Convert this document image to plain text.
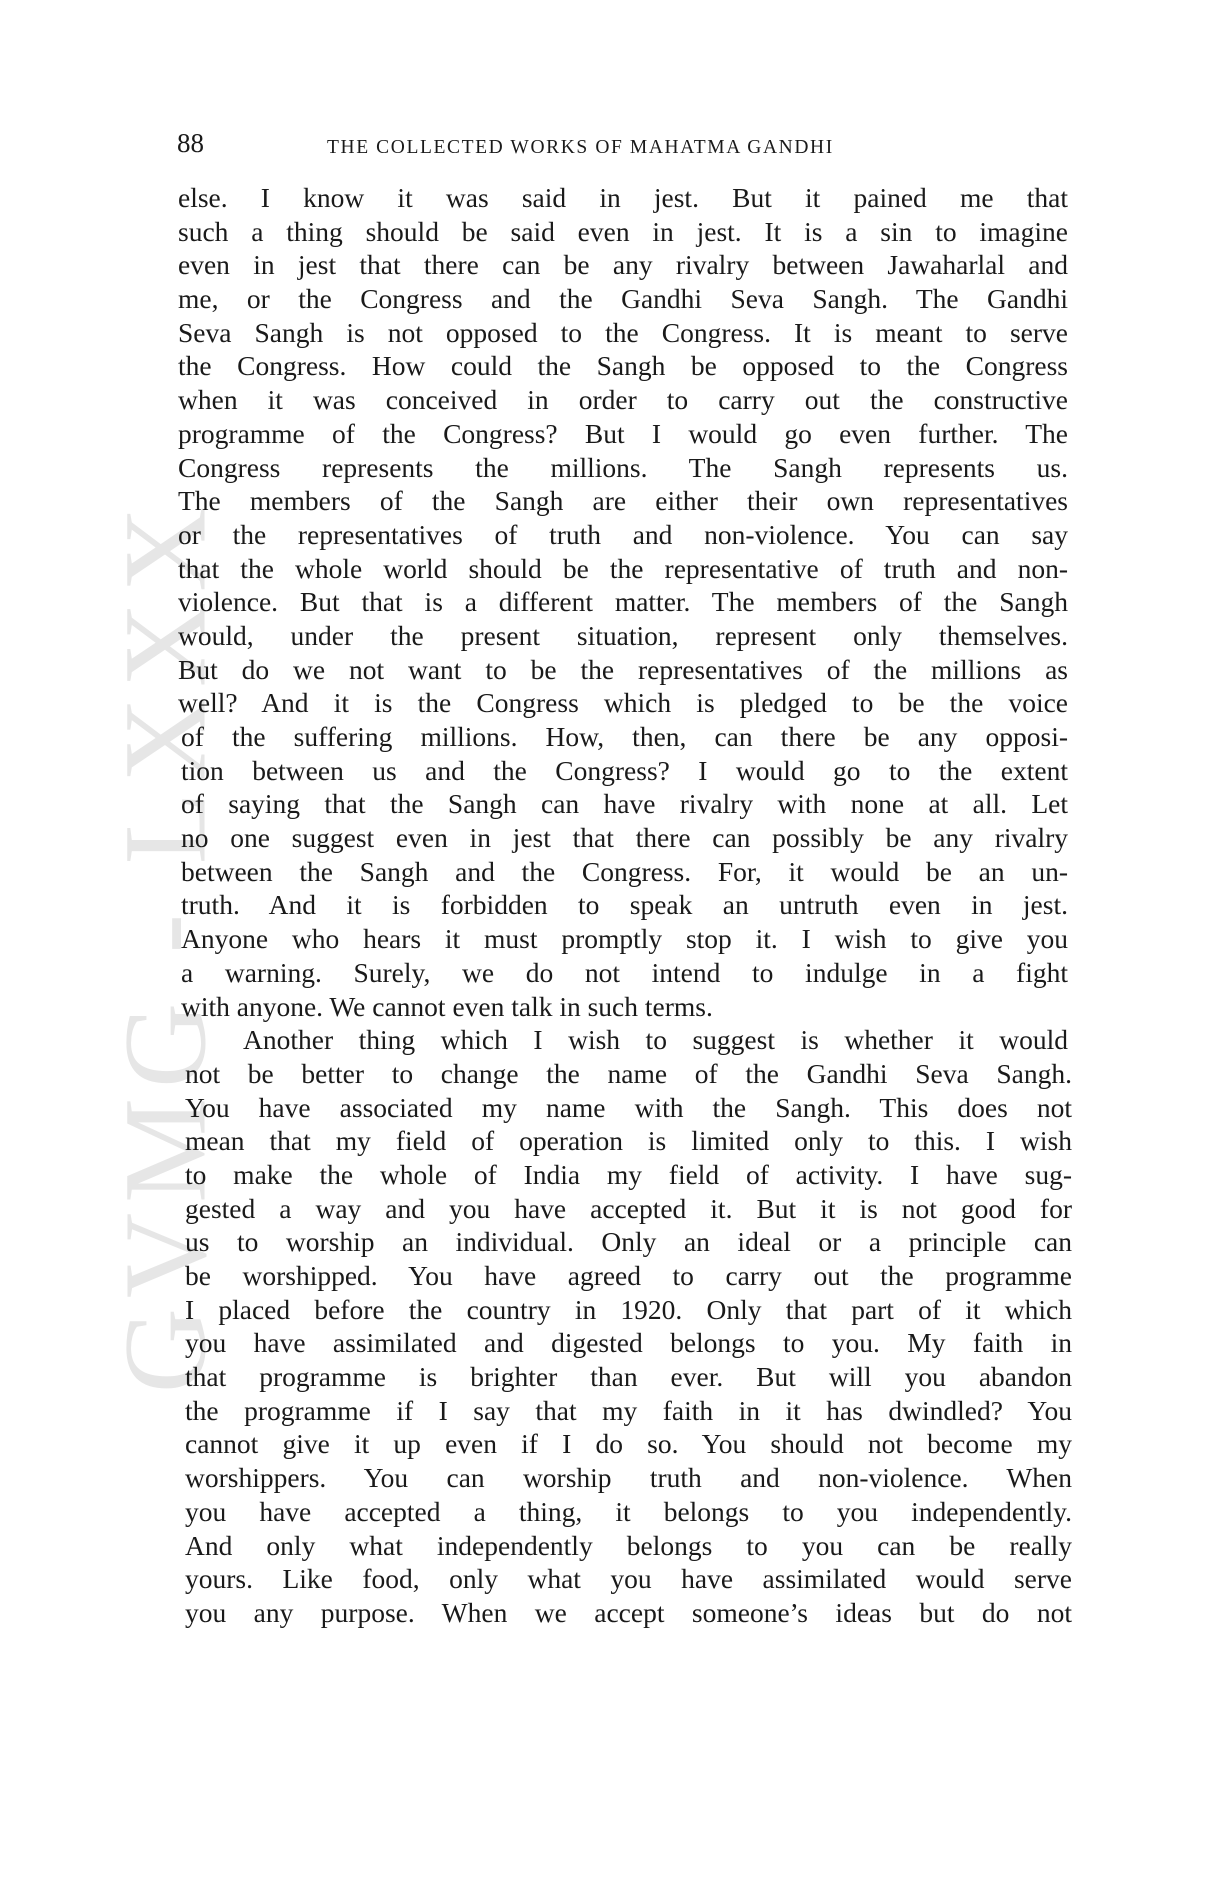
GVMG - LXXX
88	THE COLLECTED WORKS OF MAHATMA GANDHI
else. I know it was said in jest. But it pained me that
such a thing should be said even in jest. It is a sin to imagine
even in jest that there can be any rivalry between Jawaharlal and
me, or the Congress and the Gandhi Seva Sangh. The Gandhi
Seva Sangh is not opposed to the Congress. It is meant to serve
the Congress. How could the Sangh be opposed to the Congress
when it was conceived in order to carry out the constructive
programme of the Congress? But I would go even further. The
Congress represents the millions. The Sangh represents us.
The members of the Sangh are either their own representatives
or the representatives of truth and non-violence. You can say
that the whole world should be the representative of truth and non-
violence. But that is a different matter. The members of the Sangh
would, under the present situation, represent only themselves.
But do we not want to be the representatives of the millions as
well? And it is the Congress which is pledged to be the voice
of the suffering millions. How, then, can there be any opposi-
tion between us and the Congress? I would go to the extent
of saying that the Sangh can have rivalry with none at all. Let
no one suggest even in jest that there can possibly be any rivalry
between the Sangh and the Congress. For, it would be an un-
truth. And it is forbidden to speak an untruth even in jest.
Anyone who hears it must promptly stop it. I wish to give you
a warning. Surely, we do not intend to indulge in a fight
with anyone. We cannot even talk in such terms.
Another thing which I wish to suggest is whether it would
not be better to change the name of the Gandhi Seva Sangh.
You have associated my name with the Sangh. This does not
mean that my field of operation is limited only to this. I wish
to make the whole of India my field of activity. I have sug-
gested a way and you have accepted it. But it is not good for
us to worship an individual. Only an ideal or a principle can
be worshipped. You have agreed to carry out the programme
I placed before the country in 1920. Only that part of it which
you have assimilated and digested belongs to you. My faith in
that programme is brighter than ever. But will you abandon
the programme if I say that my faith in it has dwindled? You
cannot give it up even if I do so. You should not become my
worshippers. You can worship truth and non-violence. When
you have accepted a thing, it belongs to you independently.
And only what independently belongs to you can be really
yours. Like food, only what you have assimilated would serve
you any purpose. When we accept someone’s ideas but do not
